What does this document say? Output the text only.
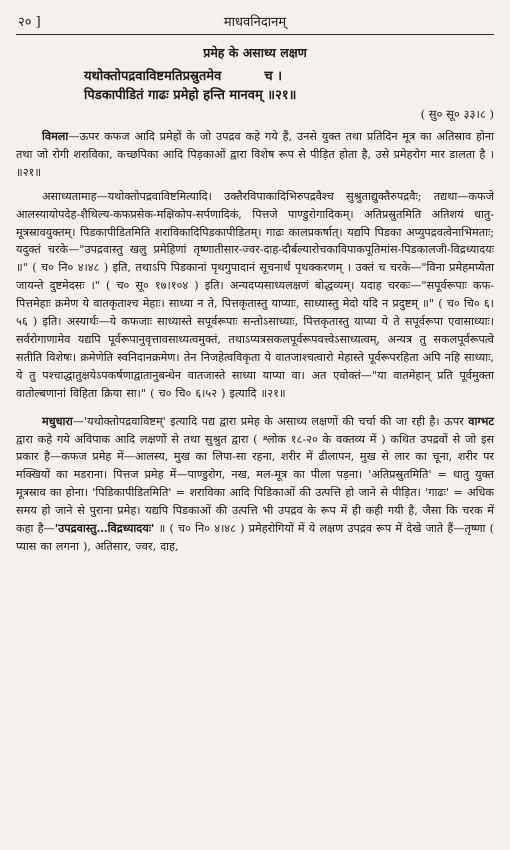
२० ]	माधवनिदानम्
प्रमेह के असाध्य लक्षण
यथोक्तोपद्रवाविष्टमतिप्रस्रुतमेव	च ।
पिडकापीडितं गाढः प्रमेहो हन्ति मानवम् ॥२१॥
( सु० सू० ३३।८ )

विमला—ऊपर कफज आदि प्रमेहों के जो उपद्रव कहे गये हैं, उनसे युक्त तथा प्रतिदिन मूत्र का अतिस्राव होना तथा जो रोगी शराविका, कच्छपिका आदि पिड़काओं द्वारा विशेष रूप से पीड़ित होता है, उसे प्रमेहरोग मार डालता है । ॥२१॥

असाध्यतामाह—यथोक्तोपद्रवाविष्टमित्यादि। उक्तैरविपाकादिभिरुपद्रवैश्च सुश्रुताद्युक्तैरुपद्रवैः; तद्यथा—कफजे आलस्यायोपदेह-शैथिल्य-कफप्रसेक-मक्षिकोप-सर्पणादिकं, पित्तजे पाण्डुरोगादिकम्। अतिप्रस्रुतमिति अतिशयं धातु-मूत्रस्रावयुक्तम्। पिडकापीडितमिति शराविकादिपिडकापीडितम्। गाढः कालप्रकर्षात्। यद्यपि पिडका अप्युपद्रवत्वेनाभिमताः; यदुक्तं चरके—"उपद्रवास्तु खलु प्रमेहिणां तृष्णातीसार-ज्वर-दाह-दौर्बल्यारोचकाविपाकपूतिमांस-पिडकालजी-विद्रध्यादयः ॥" ( च० नि० ४।४८ ) इति, तथाऽपि पिडकानां पृथगुपादानं सूचनार्थं पृथक्करणम् । उक्तं च चरके—"विना प्रमेहमप्येता जायन्ते दुष्टमेदसः ।" ( च० सू० १७।१०४ ) इति। अन्यदप्यसाध्यलक्षणं बोद्धव्यम्। यदाह चरकः—"सपूर्वरूपाः कफ-पित्तमेहाः क्रमेण ये वातकृताश्च मेहाः। साध्या न ते, पित्तकृतास्तु याप्याः, साध्यास्तु मेदो यदि न प्रदुष्टम् ॥" ( च० चि० ६।५६ ) इति। अस्यार्थः—ये कफजाः साध्यास्ते सपूर्वरूपाः सन्तोऽसाध्याः, पित्तकृतास्तु याप्या ये ते सपूर्वरूपा एवासाध्याः। सर्वरोगाणामेव यद्यपि पूर्वरूपानुवृत्तावसाध्यत्वमुक्तं, तथाऽप्यत्रसकलपूर्वरूपवत्त्वेऽसाध्यत्वम्, अन्यत्र तु सकलपूर्वरूपत्वे सतीति विशेषः। क्रमेणेति स्वनिदानक्रमेण। तेन निजहेत्वविकृता ये वातजाश्चत्वारो मेहास्ते पूर्वरूपरहिता अपि नहि साध्याः, ये तु पश्चाद्धातुक्षयेऽपकर्षणाद्वातानुबन्धेन वातजास्ते साध्या याप्या वा। अत एवोक्तं—"या वातमेहान् प्रति पूर्वमुक्ता वातोल्बणानां विहिता क्रिया सा।" ( च० चि० ६।५२ ) इत्यादि ॥२१॥

मधुधारा—'यथोक्तोपद्रवाविष्टम्' इत्यादि पद्य द्वारा प्रमेह के असाध्य लक्षणों की चर्चा की जा रही है। ऊपर वाग्भट द्वारा कहे गये अविपाक आदि लक्षणों से तथा सुश्रुत द्वारा ( श्लोक १८-२० के वक्तव्य में ) कथित उपद्रवों से जो इस प्रकार है—कफज प्रमेह में—आलस्य, मुख का लिपा-सा रहना, शरीर में ढीलापन, मुख से लार का चूना, शरीर पर मक्खियों का मडराना। पित्तज प्रमेह में—पाण्डुरोग, नख, मल-मूत्र का पीला पड़ना। 'अतिप्रस्रुतमिति' = धातु युक्त मूत्रस्राव का होना। 'पिडिकापीडितमिति' = शराविका आदि पिडिकाओं की उत्पत्ति हो जाने से पीड़ित। 'गाढः' = अधिक समय हो जाने से पुराना प्रमेह। यद्यपि पिडकाओं की उत्पत्ति भी उपद्रव के रूप में ही कही गयी है, जैसा कि चरक में कहा है—'उपद्रवास्तु…विद्रध्यादयः' ॥ ( च० नि० ४।४८ ) प्रमेहरोगियों में ये लक्षण उपद्रव रूप में देखे जाते हैं—तृष्णा ( प्यास का लगना ), अतिसार, ज्वर, दाह,
